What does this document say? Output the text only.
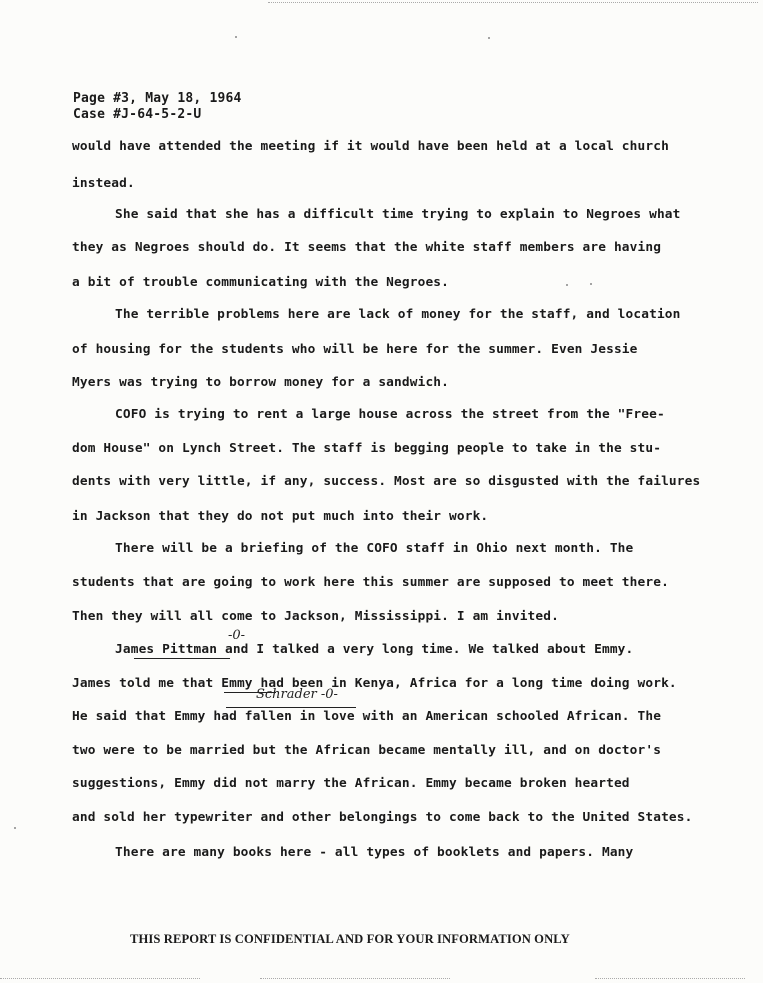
Page #3, May 18, 1964
Case #J-64-5-2-U
would have attended the meeting if it would have been held at a local church
instead.
She said that she has a difficult time trying to explain to Negroes what
they as Negroes should do. It seems that the white staff members are having
a bit of trouble communicating with the Negroes.
The terrible problems here are lack of money for the staff, and location
of housing for the students who will be here for the summer. Even Jessie
Myers was trying to borrow money for a sandwich.
COFO is trying to rent a large house across the street from the "Free-
dom House" on Lynch Street. The staff is begging people to take in the stu-
dents with very little, if any, success. Most are so disgusted with the failures
in Jackson that they do not put much into their work.
There will be a briefing of the COFO staff in Ohio next month. The
students that are going to work here this summer are supposed to meet there.
Then they will all come to Jackson, Mississippi. I am invited.
James Pittman and I talked a very long time. We talked about Emmy.
-0-
James told me that Emmy had been in Kenya, Africa for a long time doing work.
Schrader -0-
He said that Emmy had fallen in love with an American schooled African. The
two were to be married but the African became mentally ill, and on doctor's
suggestions, Emmy did not marry the African. Emmy became broken hearted
and sold her typewriter and other belongings to come back to the United States.
There are many books here - all types of booklets and papers. Many
THIS REPORT IS CONFIDENTIAL AND FOR YOUR INFORMATION ONLY
